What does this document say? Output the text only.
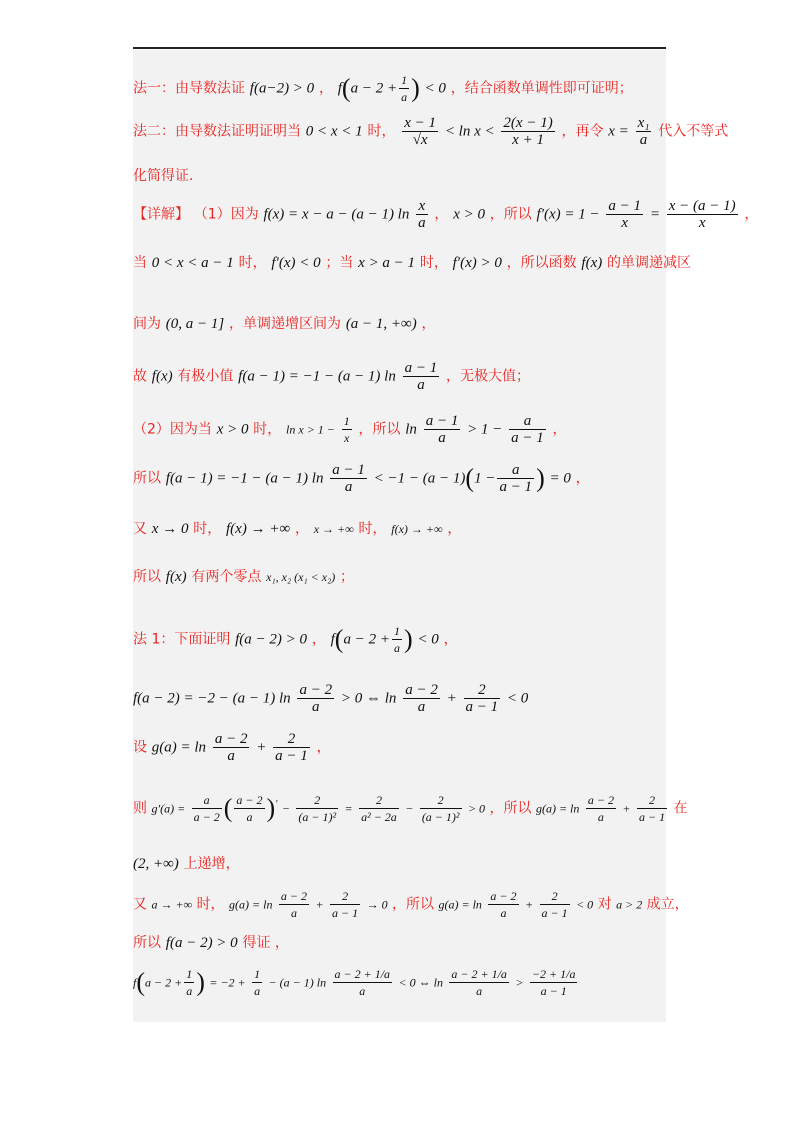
法一：由导数法证 f(a−2) > 0 ， $f(a - 2 + \frac{1}{a}$ ) < 0 ，结合函数单调性即可证明；
法二：由导数法证明证明当 0 < x < 1 时， $\frac{x - 1}{√x} < \ln x < \frac{2(x - 1)}{x + 1}$ ，再令 $x = \frac{\text{x₁}}{a}$ 代入不等式
化简得证.
【详解】 （1）因为 f(x) = x − a − (a − 1) $\ln \frac{x}{a}$ ， x > 0 ，所以 $f'(x) = 1 - \frac{a - 1}{x} = \frac{x - (a - 1)}{x}$ ，
当 0 < x < a − 1 时， f′(x) < 0 ；当 x > a − 1 时， f′(x) > 0 ，所以函数 f(x) 的单调递减区
间为 (0, a − 1] ，单调递增区间为 (a − 1, +∞) ，
故 f(x) 有极小值 f(a − 1) = −1 − (a − 1) $\ln \frac{a - 1}{a}$ ，无极大值；
（2）因为当 x > 0 时， $\ln x > 1 - \frac{1}{x}$ ，所以 $\ln \frac{a - 1}{a} > 1 - \frac{a}{a - 1}$ ，
所以 f(a − 1) = −1 − (a − 1) $\ln \frac{a - 1}{a} < -1 - (a - 1)(1 - \frac{a}{a - 1}$ ) = 0 ，
又 x → 0 时， f(x) → +∞ ， x → +∞ 时， f(x) → +∞ ，
所以 f(x) 有两个零点 x₁, x₂ (x₁ < x₂) ；
法 1：下面证明 f(a − 2) > 0 ， $f(a - 2 + \frac{1}{a}$ ) < 0 ，
f(a − 2) = −2 − (a − 1) $\ln \frac{a - 2}{a} > 0$ ⇔ $\ln \frac{a - 2}{a} + \frac{2}{a - 1} < 0$
设 $g(a) = \ln \frac{a - 2}{a} + \frac{2}{a - 1}$ ，
则 $g'(a) = \frac{a}{a - 2}$ ( $\frac{a - 2}{a} )' - \frac{2}{\text{(a − 1)²}} = \frac{2}{\text{a² − 2a}} - \frac{2}{\text{(a − 1)²}} > 0$ ，所以 $g(a) = \ln \frac{a - 2}{a} + \frac{2}{a - 1}$ 在
(2, +∞) 上递增，
又 a → +∞ 时， $g(a) = \ln \frac{a - 2}{a} + \frac{2}{a - 1} \to 0$ ，所以 $g(a) = \ln \frac{a - 2}{a} + \frac{2}{a - 1} < 0$ 对 a > 2 成立，
所以 f(a − 2) > 0 得证 ，
$f(a - 2 + \frac{1}{a}$ ) = $-2 + \frac{1}{a} - (a - 1)$ $\ln \frac{a - 2 + 1/a}{a} < 0$ ⇔ $\ln \frac{a - 2 + 1/a}{a} > \frac{-2 + 1/a}{a - 1}$
